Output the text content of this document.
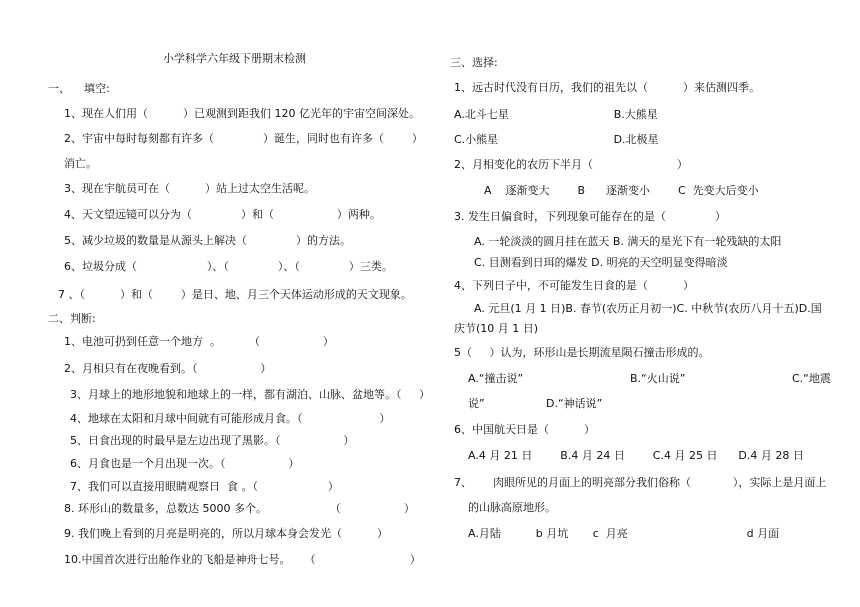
小学科学六年级下册期末检测
一、    填空:
1、现在人们用（          ）已观测到距我们 120 亿光年的宇宙空间深处。
2、宇宙中每时每刻都有许多（              ）诞生，同时也有许多（        ）
消亡。
3、现在宇航员可在（          ）站上过太空生活呢。
4、天文望远镜可以分为（              ）和（                  ）两种。
5、减少垃圾的数量是从源头上解决（              ）的方法。
6、垃圾分成（                    ）、（              ）、（              ）三类。
7 、（          ）和（        ）是日、地、月三个天体运动形成的天文现象。
二、判断:
1、电池可扔到任意一个地方  。        （                  ）
2、月相只有在夜晚看到。（                  ）
3、月球上的地形地貌和地球上的一样，都有湖泊、山脉、盆地等。（     ）
4、地球在太阳和月球中间就有可能形成月食。（                      ）
5、日食出现的时最早是左边出现了黑影。（                  ）
6、月食也是一个月出现一次。（                  ）
7、我们可以直接用眼睛观察日  食 。（                    ）
8. 环形山的数量多，总数达 5000 多个。                  （                  ）
9. 我们晚上看到的月亮是明亮的，所以月球本身会发光（          ）
10.中国首次进行出舱作业的飞船是神舟七号。    （                           ）
三、选择:
1、远古时代没有日历，我们的祖先以（          ）来估测四季。
A.北斗七星                              B.大熊星
C.小熊星                                 D.北极星
2、月相变化的农历下半月（                        ）
A    逐渐变大        B      逐渐变小        C  先变大后变小
3. 发生日偏食时，下列现象可能存在的是（              ）
A. 一轮淡淡的圆月挂在蓝天 B. 满天的星光下有一轮残缺的太阳
C. 目测看到日珥的爆发 D. 明亮的天空明显变得暗淡
4、下列日子中，不可能发生日食的是（          ）
A. 元旦(1 月 1 日)B. 春节(农历正月初一)C. 中秋节(农历八月十五)D.国
庆节(10 月 1 日)
5（     ）认为，环形山是长期流星陨石撞击形成的。
A.“撞击说”	B.“火山说”	C.“地震
说”	D.“神话说”
6、中国航天日是（          ）
A.4 月 21 日        B.4 月 24 日        C.4 月 25 日      D.4 月 28 日
7、      肉眼所见的月面上的明亮部分我们俗称（            ），实际上是月面上
的山脉高原地形。
A.月陆          b 月坑       c  月亮                                  d 月面
